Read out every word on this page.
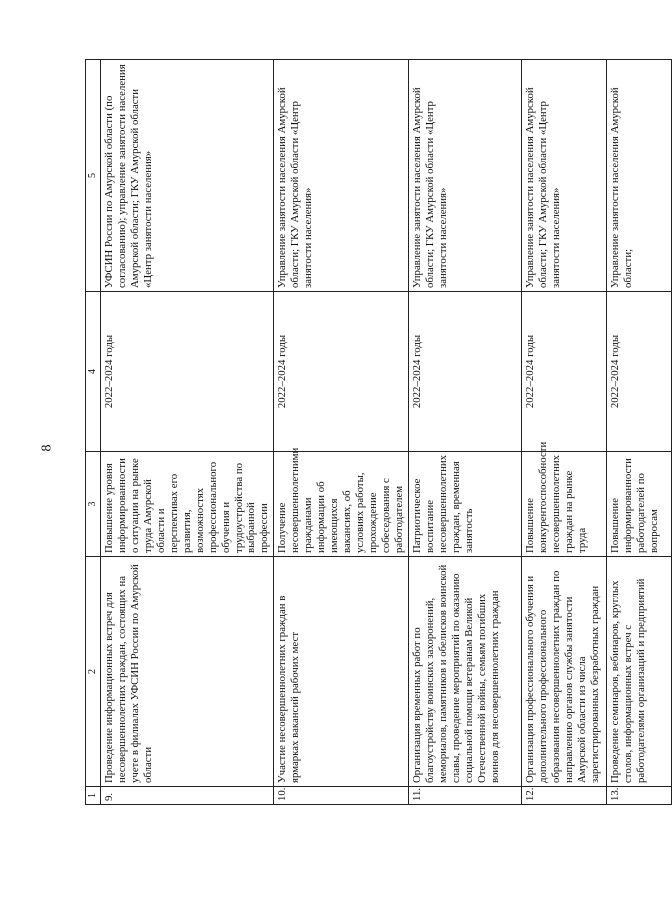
8
1	2	3	4	5
9.	Проведение информационных встреч для несовершеннолетних граждан, состоящих на учете в филиалах УФСИН России по Амурской области	Повышение уровня информированности о ситуации на рынке труда Амурской области и перспективах его развития, возможностях профессионального обучения и трудоустройства по выбранной профессии	2022–2024 годы	УФСИН России по Амурской области (по согласованию); управление занятости населения Амурской области; ГКУ Амурской области «Центр занятости населения»
10.	Участие несовершеннолетних граждан в ярмарках вакансий рабочих мест	Получение несовершеннолетними гражданами информации об имеющихся вакансиях, об условиях работы, прохождение собеседования с работодателем	2022–2024 годы	Управление занятости населения Амурской области; ГКУ Амурской области «Центр занятости населения»
11.	Организация временных работ по благоустройству воинских захоронений, мемориалов, памятников и обелисков воинской славы, проведение мероприятий по оказанию социальной помощи ветеранам Великой Отечественной войны, семьям погибших воинов для несовершеннолетних граждан	Патриотическое воспитание несовершеннолетних граждан, временная занятость	2022–2024 годы	Управление занятости населения Амурской области; ГКУ Амурской области «Центр занятости населения»
12.	Организация профессионального обучения и дополнительного профессионального образования несовершеннолетних граждан по направлению органов службы занятости Амурской области из числа зарегистрированных безработных граждан	Повышение конкурентоспособности несовершеннолетних граждан на рынке труда	2022–2024 годы	Управление занятости населения Амурской области; ГКУ Амурской области «Центр занятости населения»
13.	Проведение семинаров, вебинаров, круглых столов, информационных встреч с работодателями организаций и предприятий	Повышение информированности работодателей по вопросам	2022–2024 годы	Управление занятости населения Амурской области;
